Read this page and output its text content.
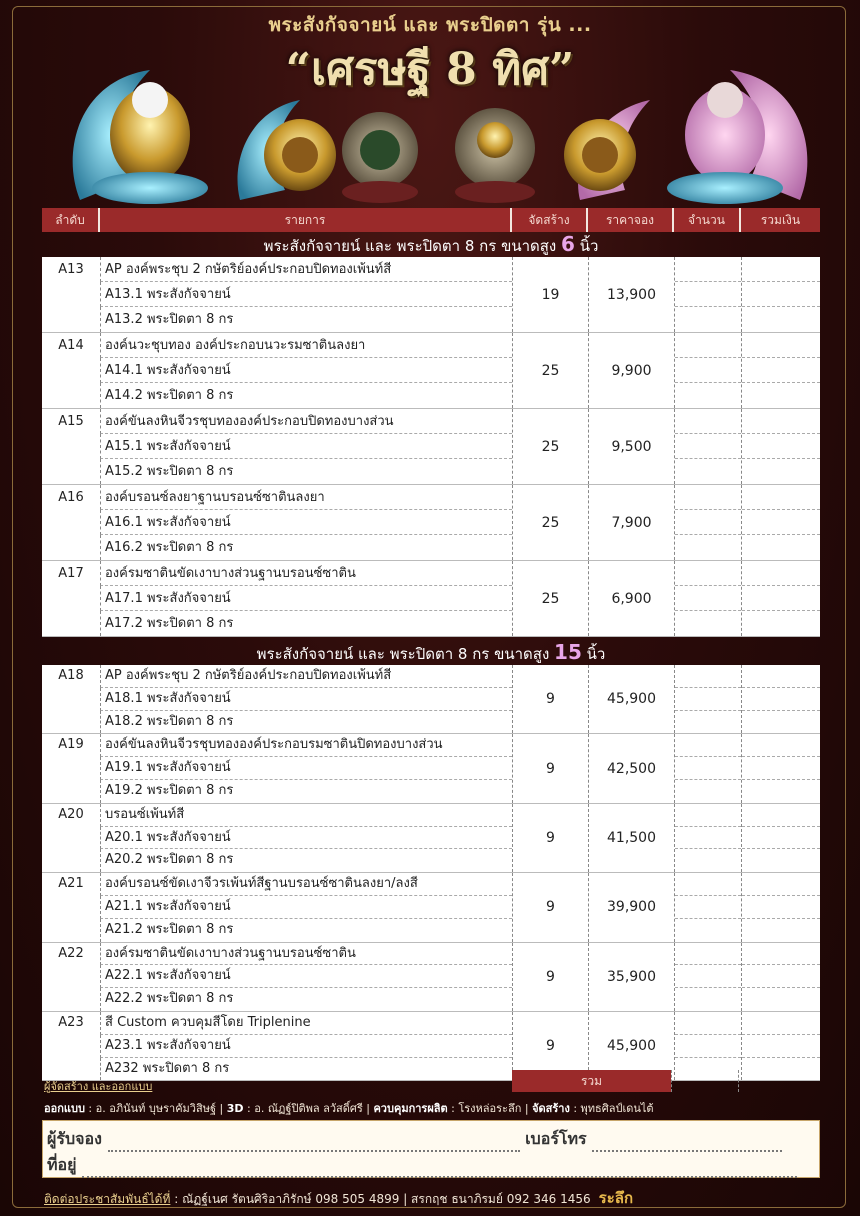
พระสังกัจจายน์ และ พระปิดตา รุ่น ...
“เศรษฐี 8 ทิศ”
ลำดับ	รายการ	จัดสร้าง	ราคาจอง	จำนวน	รวมเงิน
พระสังกัจจายน์ และ พระปิดตา 8 กร ขนาดสูง 6 นิ้ว
A13	AP องค์พระชุบ 2 กษัตริย์องค์ประกอบปิดทองเพ้นท์สี
A13.1 พระสังกัจจายน์
A13.2 พระปิดตา 8 กร
19	13,900
A14	องค์นวะชุบทอง องค์ประกอบนวะรมซาตินลงยา
A14.1 พระสังกัจจายน์
A14.2 พระปิดตา 8 กร
25	9,900
A15	องค์ขันลงหินจีวรชุบทององค์ประกอบปิดทองบางส่วน
A15.1 พระสังกัจจายน์
A15.2 พระปิดตา 8 กร
25	9,500
A16	องค์บรอนซ์ลงยาฐานบรอนซ์ซาตินลงยา
A16.1 พระสังกัจจายน์
A16.2 พระปิดตา 8 กร
25	7,900
A17	องค์รมซาตินขัดเงาบางส่วนฐานบรอนซ์ซาติน
A17.1 พระสังกัจจายน์
A17.2 พระปิดตา 8 กร
25	6,900
พระสังกัจจายน์ และ พระปิดตา 8 กร ขนาดสูง 15 นิ้ว
A18	AP องค์พระชุบ 2 กษัตริย์องค์ประกอบปิดทองเพ้นท์สี
A18.1 พระสังกัจจายน์
A18.2 พระปิดตา 8 กร
9	45,900
A19	องค์ขันลงหินจีวรชุบทององค์ประกอบรมซาตินปิดทองบางส่วน
A19.1 พระสังกัจจายน์
A19.2 พระปิดตา 8 กร
9	42,500
A20	บรอนซ์เพ้นท์สี
A20.1 พระสังกัจจายน์
A20.2 พระปิดตา 8 กร
9	41,500
A21	องค์บรอนซ์ขัดเงาจีวรเพ้นท์สีฐานบรอนซ์ซาตินลงยา/ลงสี
A21.1 พระสังกัจจายน์
A21.2 พระปิดตา 8 กร
9	39,900
A22	องค์รมซาตินขัดเงาบางส่วนฐานบรอนซ์ซาติน
A22.1 พระสังกัจจายน์
A22.2 พระปิดตา 8 กร
9	35,900
A23	สี Custom ควบคุมสีโดย Triplenine
A23.1 พระสังกัจจายน์
A232 พระปิดตา 8 กร
9	45,900
ผู้จัดสร้าง และออกแบบ	รวม
ออกแบบ : อ. อภินันท์ บุษราคัมวิสิษฐ์ | 3D : อ. ณัฏฐ์ปิติพล ลวัสดิ์ศรี | ควบคุมการผลิต : โรงหล่อระลึก | จัดสร้าง : พุทธศิลป์เดนไต้
ผู้รับจอง	เบอร์โทร
ที่อยู่
ติดต่อประชาสัมพันธ์ได้ที่ : ณัฏฐ์เนศ รัตนศิริอาภิรักษ์ 098 505 4899 | สรกฤช ธนาภิรมย์ 092 346 1456 ระลึก
